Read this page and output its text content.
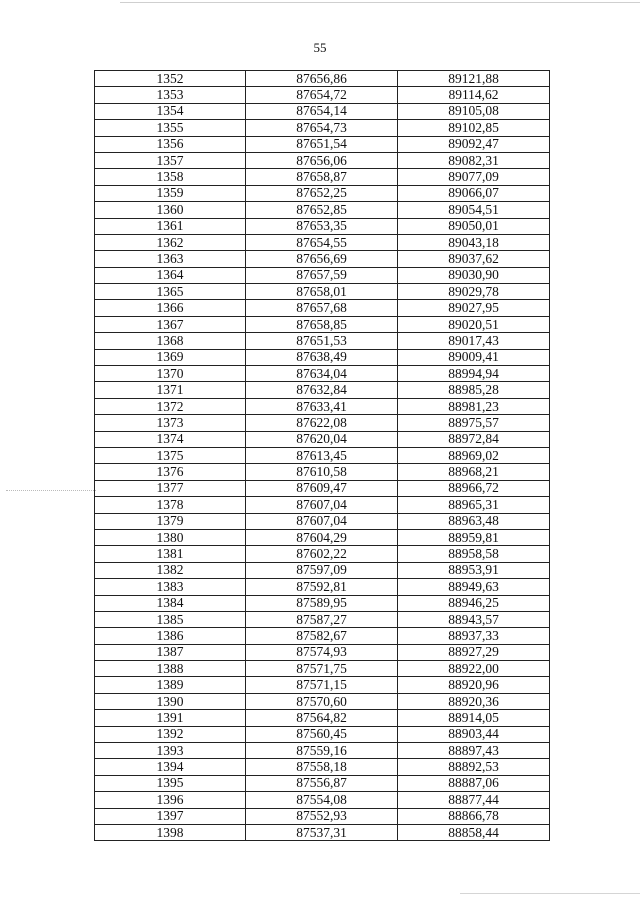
55
1352	87656,86	89121,88
1353	87654,72	89114,62
1354	87654,14	89105,08
1355	87654,73	89102,85
1356	87651,54	89092,47
1357	87656,06	89082,31
1358	87658,87	89077,09
1359	87652,25	89066,07
1360	87652,85	89054,51
1361	87653,35	89050,01
1362	87654,55	89043,18
1363	87656,69	89037,62
1364	87657,59	89030,90
1365	87658,01	89029,78
1366	87657,68	89027,95
1367	87658,85	89020,51
1368	87651,53	89017,43
1369	87638,49	89009,41
1370	87634,04	88994,94
1371	87632,84	88985,28
1372	87633,41	88981,23
1373	87622,08	88975,57
1374	87620,04	88972,84
1375	87613,45	88969,02
1376	87610,58	88968,21
1377	87609,47	88966,72
1378	87607,04	88965,31
1379	87607,04	88963,48
1380	87604,29	88959,81
1381	87602,22	88958,58
1382	87597,09	88953,91
1383	87592,81	88949,63
1384	87589,95	88946,25
1385	87587,27	88943,57
1386	87582,67	88937,33
1387	87574,93	88927,29
1388	87571,75	88922,00
1389	87571,15	88920,96
1390	87570,60	88920,36
1391	87564,82	88914,05
1392	87560,45	88903,44
1393	87559,16	88897,43
1394	87558,18	88892,53
1395	87556,87	88887,06
1396	87554,08	88877,44
1397	87552,93	88866,78
1398	87537,31	88858,44
